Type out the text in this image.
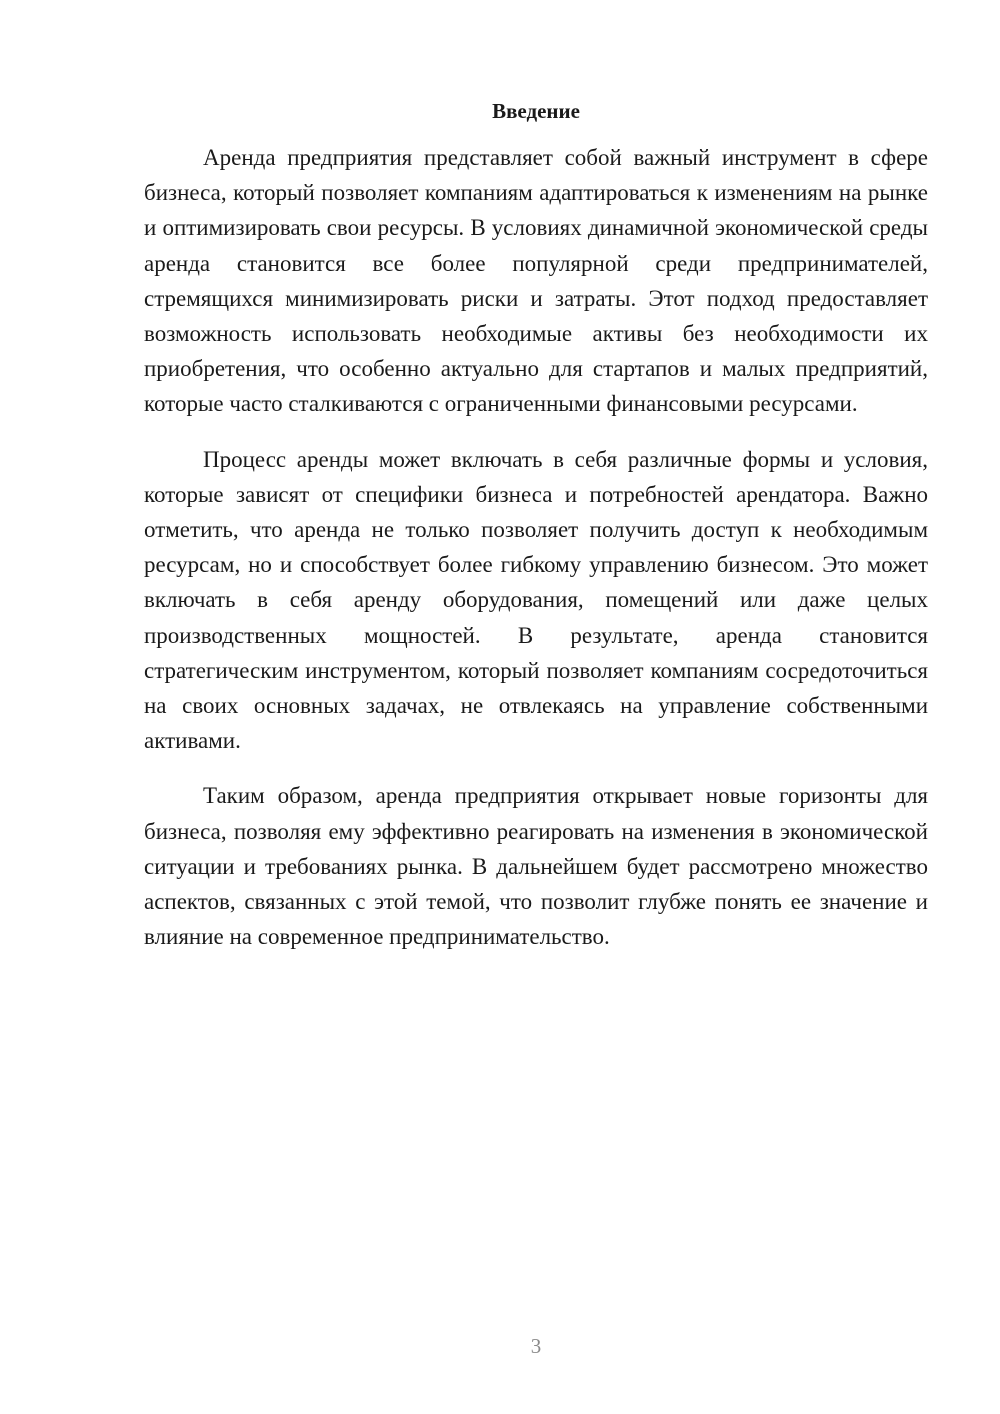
Введение

Аренда предприятия представляет собой важный инструмент в сфере бизнеса, который позволяет компаниям адаптироваться к изменениям на рынке и оптимизировать свои ресурсы. В условиях динамичной экономической среды аренда становится все более популярной среди предпринимателей, стремящихся минимизировать риски и затраты. Этот подход предоставляет возможность использовать необходимые активы без необходимости их приобретения, что особенно актуально для стартапов и малых предприятий, которые часто сталкиваются с ограниченными финансовыми ресурсами.

Процесс аренды может включать в себя различные формы и условия, которые зависят от специфики бизнеса и потребностей арендатора. Важно отметить, что аренда не только позволяет получить доступ к необходимым ресурсам, но и способствует более гибкому управлению бизнесом. Это может включать в себя аренду оборудования, помещений или даже целых производственных мощностей. В результате, аренда становится стратегическим инструментом, который позволяет компаниям сосредоточиться на своих основных задачах, не отвлекаясь на управление собственными активами.

Таким образом, аренда предприятия открывает новые горизонты для бизнеса, позволяя ему эффективно реагировать на изменения в экономической ситуации и требованиях рынка. В дальнейшем будет рассмотрено множество аспектов, связанных с этой темой, что позволит глубже понять ее значение и влияние на современное предпринимательство.

3
